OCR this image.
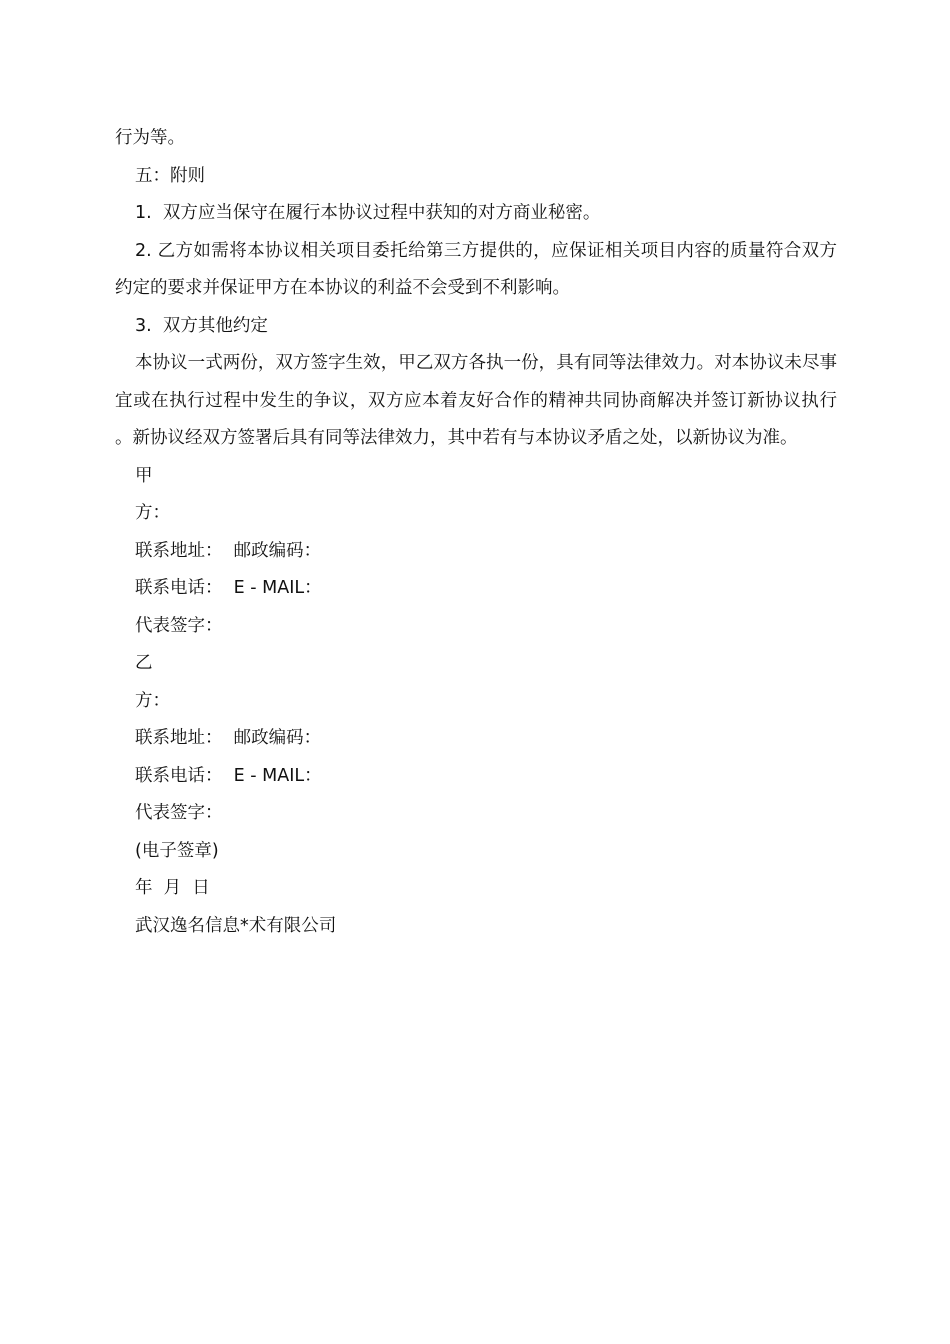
行为等。
五：附则
1.  双方应当保守在履行本协议过程中获知的对方商业秘密。

2. 乙方如需将本协议相关项目委托给第三方提供的，应保证相关项目内容的质量符合双方约定的要求并保证甲方在本协议的利益不会受到不利影响。

3.  双方其他约定

本协议一式两份，双方签字生效，甲乙双方各执一份，具有同等法律效力。对本协议未尽事宜或在执行过程中发生的争议，双方应本着友好合作的精神共同协商解决并签订新协议执行 。新协议经双方签署后具有同等法律效力，其中若有与本协议矛盾之处，以新协议为准。

甲
方：
联系地址：  邮政编码：
联系电话：  E - MAIL：
代表签字：
乙
方：
联系地址：  邮政编码：
联系电话：  E - MAIL：
代表签字：
(电子签章)
年  月  日
武汉逸名信息*术有限公司
